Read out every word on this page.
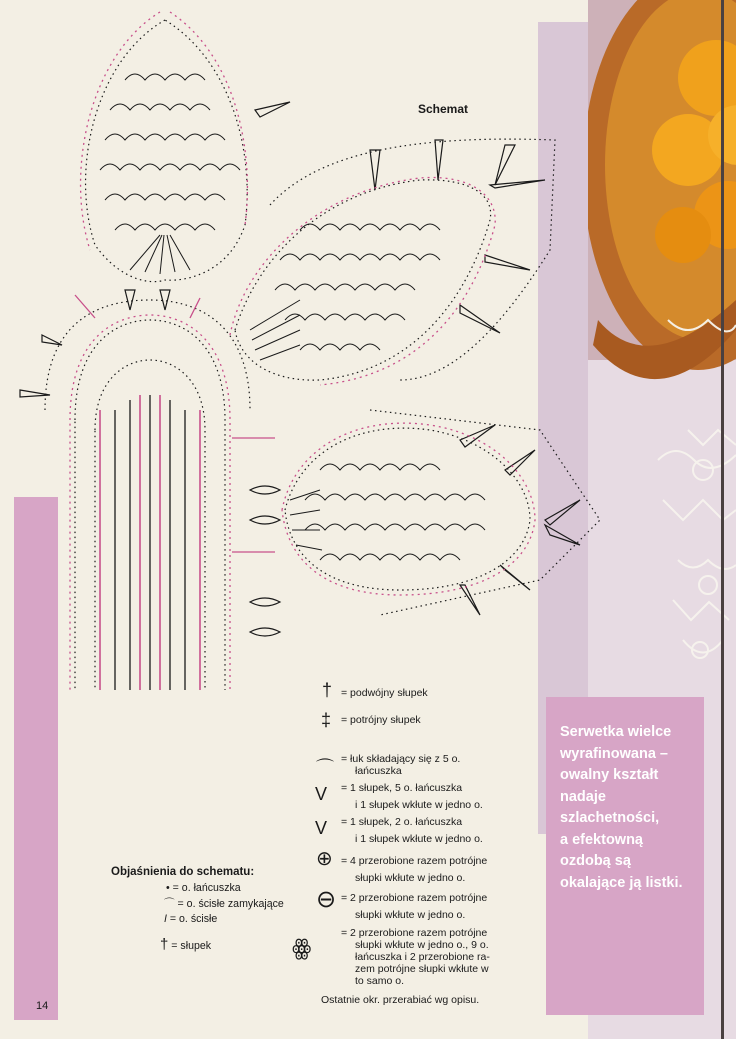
Schemat
† = podwójny słupek
‡ = potrójny słupek
⌒ = łuk składający się z 5 o.
łańcuszka
V = 1 słupek, 5 o. łańcuszka
i 1 słupek wkłute w jedno o.
V = 1 słupek, 2 o. łańcuszka
i 1 słupek wkłute w jedno o.
⊕ = 4 przerobione razem potrójne
słupki wkłute w jedno o.
⊖ = 2 przerobione razem potrójne
słupki wkłute w jedno o.
ꙮ
= 2 przerobione razem potrójne
słupki wkłute w jedno o., 9 o.
łańcuszka i 2 przerobione ra-
zem potrójne słupki wkłute w
to samo o.
Objaśnienia do schematu:
• = o. łańcuszka
⌒ = o. ścisłe zamykające
I = o. ścisłe
† = słupek
Ostatnie okr. przerabiać wg opisu.
14
Serwetka wielce
wyrafinowana –
owalny kształt
nadaje
szlachetności,
a efektowną
ozdobą są
okalające ją listki.
